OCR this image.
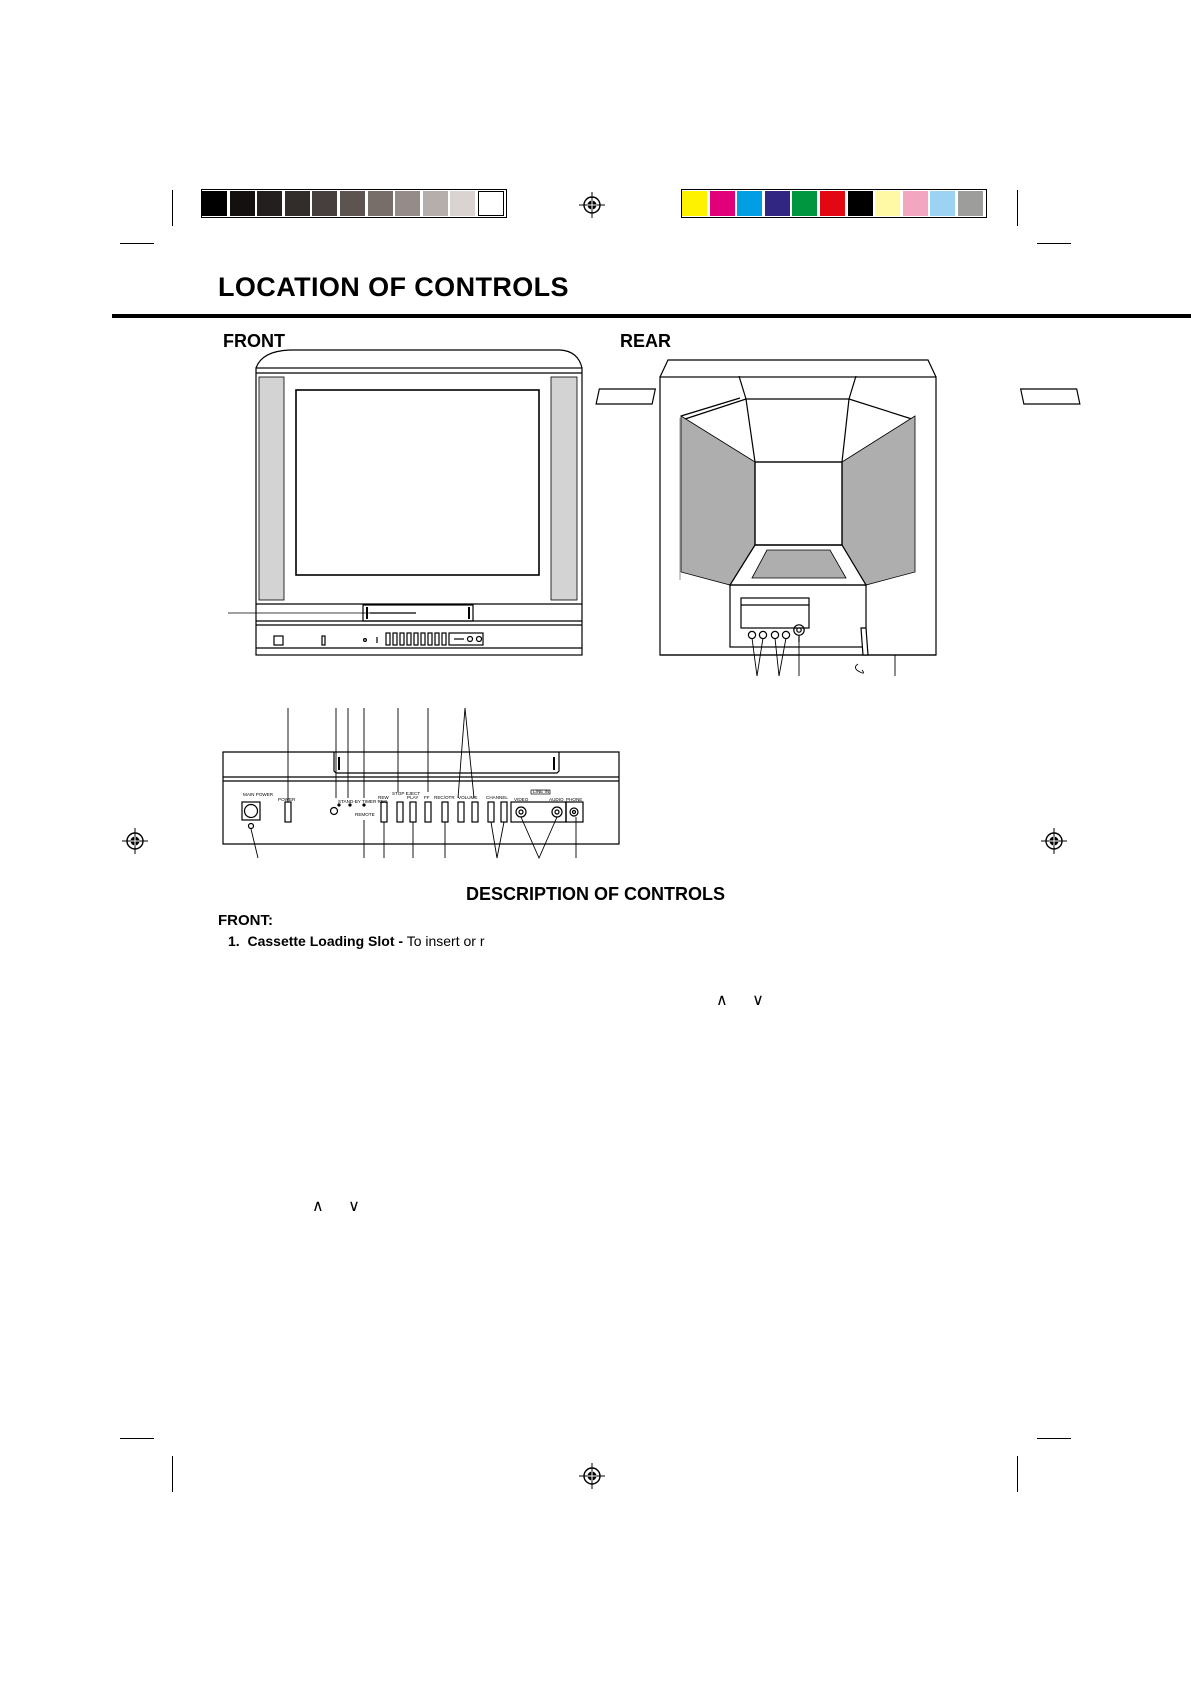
LOCATION OF CONTROLS
FRONT	REAR
MAIN POWER
POWER	STAND-BY TIMER REC
REMOTE
REW
STOP EJECT
PLAY FF REC/OTR VOLUME CHANNEL VIDEO
LINE IN
AUDIO PHONE
DESCRIPTION OF CONTROLS
FRONT:
1. Cassette Loading Slot - To insert or r
∧ ∨
∧ ∨
